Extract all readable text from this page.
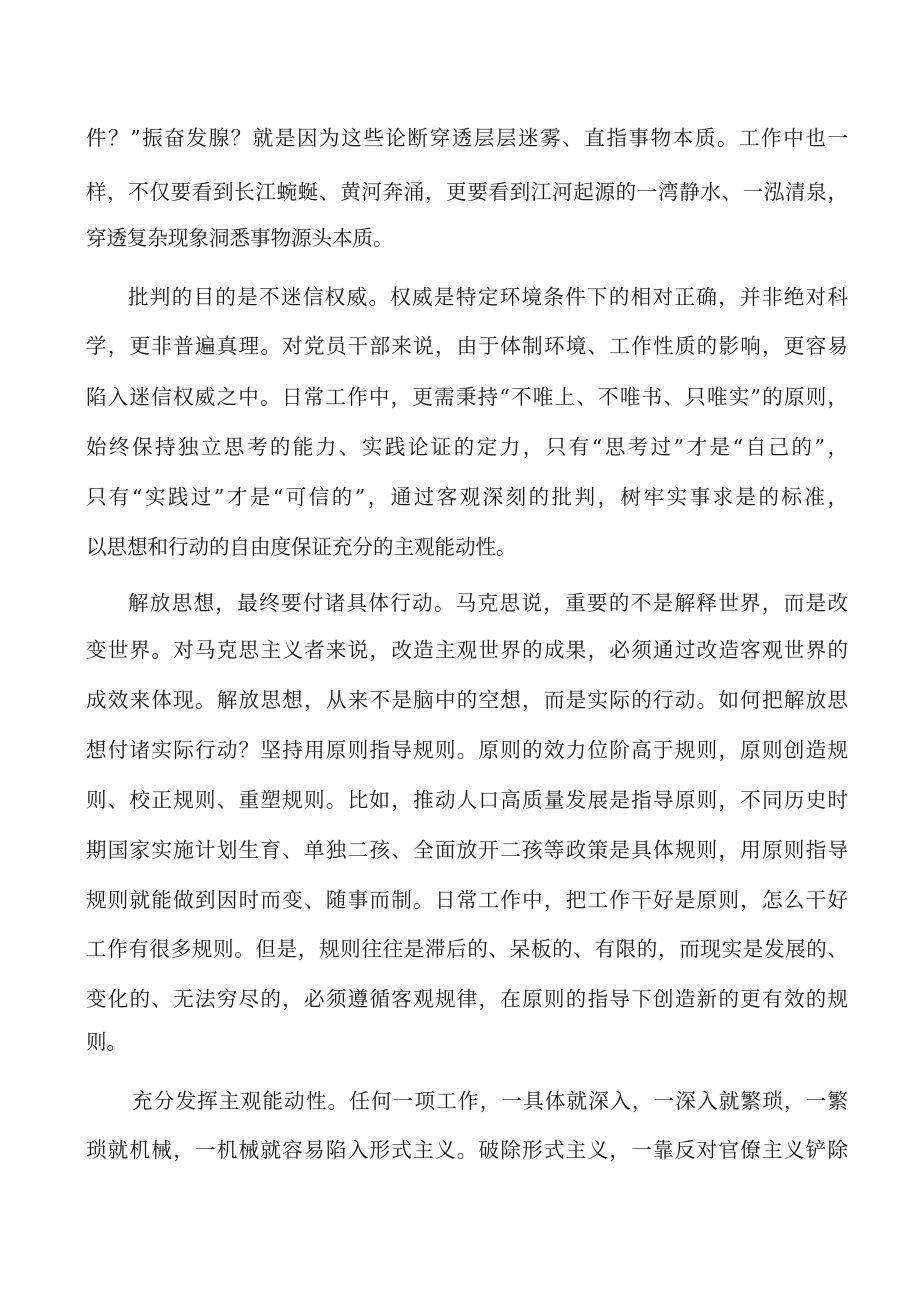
件？”振奋发腺？就是因为这些论断穿透层层迷雾、直指事物本质。工作中也一
样，不仅要看到长江蜿蜒、黄河奔涌，更要看到江河起源的一湾静水、一泓清泉，
穿透复杂现象洞悉事物源头本质。
批判的目的是不迷信权威。权威是特定环境条件下的相对正确，并非绝对科
学，更非普遍真理。对党员干部来说，由于体制环境、工作性质的影响，更容易
陷入迷信权威之中。日常工作中，更需秉持“不唯上、不唯书、只唯实”的原则，
始终保持独立思考的能力、实践论证的定力，只有“思考过”才是“自己的”，
只有“实践过”才是“可信的”，通过客观深刻的批判，树牢实事求是的标准，
以思想和行动的自由度保证充分的主观能动性。
解放思想，最终要付诸具体行动。马克思说，重要的不是解释世界，而是改
变世界。对马克思主义者来说，改造主观世界的成果，必须通过改造客观世界的
成效来体现。解放思想，从来不是脑中的空想，而是实际的行动。如何把解放思
想付诸实际行动？坚持用原则指导规则。原则的效力位阶高于规则，原则创造规
则、校正规则、重塑规则。比如，推动人口高质量发展是指导原则，不同历史时
期国家实施计划生育、单独二孩、全面放开二孩等政策是具体规则，用原则指导
规则就能做到因时而变、随事而制。日常工作中，把工作干好是原则，怎么干好
工作有很多规则。但是，规则往往是滞后的、呆板的、有限的，而现实是发展的、
变化的、无法穷尽的，必须遵循客观规律，在原则的指导下创造新的更有效的规
则。
充分发挥主观能动性。任何一项工作，一具体就深入，一深入就繁琐，一繁
琐就机械，一机械就容易陷入形式主义。破除形式主义，一靠反对官僚主义铲除
